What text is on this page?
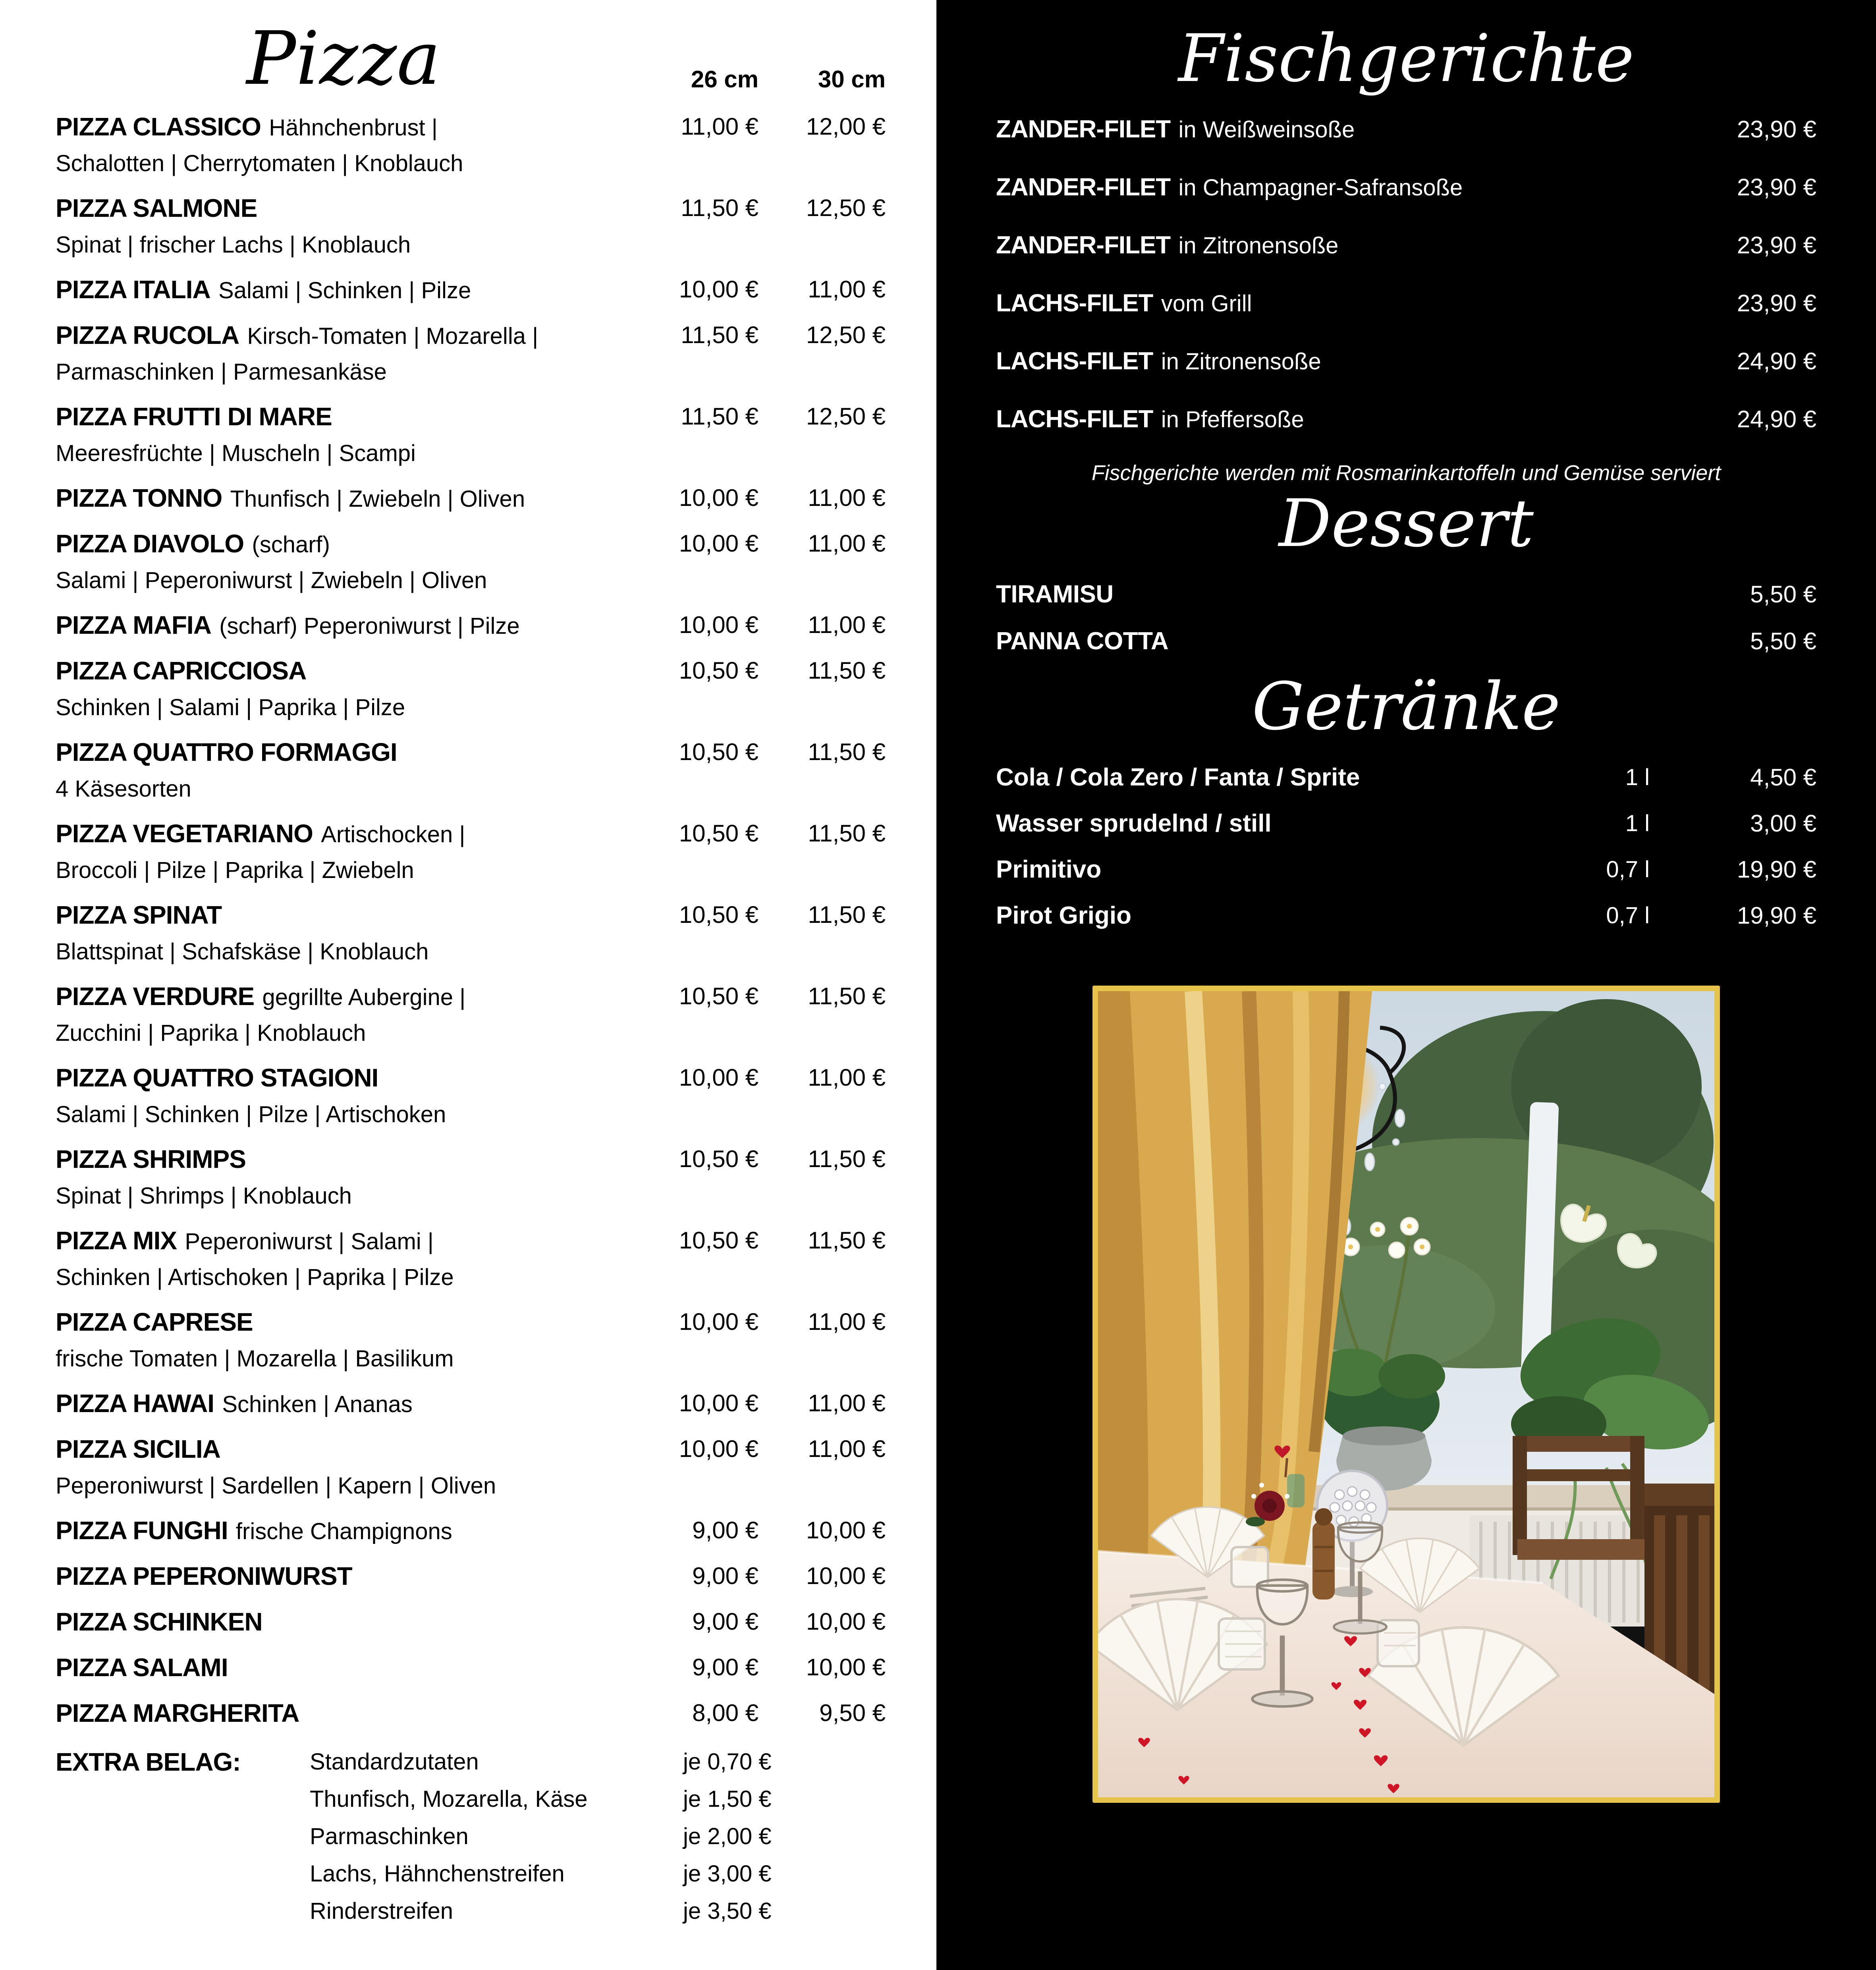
Pizza	26 cm	30 cm

PIZZA CLASSICO Hähnchenbrust |
Schalotten | Cherrytomaten | Knoblauch

11,00 €	12,00 €

PIZZA SALMONE
Spinat | frischer Lachs | Knoblauch

11,50 €	12,50 €

PIZZA ITALIA Salami | Schinken | Pilze	10,00 €	11,00 €

PIZZA RUCOLA Kirsch-Tomaten | Mozarella |
Parmaschinken | Parmesankäse

11,50 €	12,50 €

PIZZA FRUTTI DI MARE
Meeresfrüchte | Muscheln | Scampi

11,50 €	12,50 €

PIZZA TONNO Thunfisch | Zwiebeln | Oliven	10,00 €	11,00 €

PIZZA DIAVOLO (scharf)
Salami | Peperoniwurst | Zwiebeln | Oliven

10,00 €	11,00 €

PIZZA MAFIA (scharf) Peperoniwurst | Pilze	10,00 €	11,00 €

PIZZA CAPRICCIOSA
Schinken | Salami | Paprika | Pilze

10,50 €	11,50 €

PIZZA QUATTRO FORMAGGI
4 Käsesorten

10,50 €	11,50 €

PIZZA VEGETARIANO Artischocken |
Broccoli | Pilze | Paprika | Zwiebeln

10,50 €	11,50 €

PIZZA SPINAT
Blattspinat | Schafskäse | Knoblauch

10,50 €	11,50 €

PIZZA VERDURE gegrillte Aubergine |
Zucchini | Paprika | Knoblauch

10,50 €	11,50 €

PIZZA QUATTRO STAGIONI
Salami | Schinken | Pilze | Artischoken

10,00 €	11,00 €

PIZZA SHRIMPS
Spinat | Shrimps | Knoblauch

10,50 €	11,50 €

PIZZA MIX Peperoniwurst | Salami |
Schinken | Artischoken | Paprika | Pilze

10,50 €	11,50 €

PIZZA CAPRESE
frische Tomaten | Mozarella | Basilikum

10,00 €	11,00 €

PIZZA HAWAI Schinken | Ananas	10,00 €	11,00 €

PIZZA SICILIA
Peperoniwurst | Sardellen | Kapern | Oliven

10,00 €	11,00 €

PIZZA FUNGHI frische Champignons	9,00 €	10,00 €

PIZZA PEPERONIWURST	9,00 €	10,00 €

PIZZA SCHINKEN	9,00 €	10,00 €

PIZZA SALAMI	9,00 €	10,00 €

PIZZA MARGHERITA	8,00 €	9,50 €
EXTRA BELAG:	Standardzutaten	je 0,70 €
Thunfisch, Mozarella, Käse	je 1,50 €
Parmaschinken	je 2,00 €
Lachs, Hähnchenstreifen	je 3,00 €
Rinderstreifen	je 3,50 €
Fischgerichte

ZANDER-FILET in Weißweinsoße	23,90 €

ZANDER-FILET in Champagner-Safransoße	23,90 €

ZANDER-FILET in Zitronensoße	23,90 €

LACHS-FILET vom Grill	23,90 €

LACHS-FILET in Zitronensoße	24,90 €

LACHS-FILET in Pfeffersoße	24,90 €

Fischgerichte werden mit Rosmarinkartoffeln und Gemüse serviert

Dessert
TIRAMISU	5,50 €
PANNA COTTA	5,50 €
Getränke
Cola / Cola Zero / Fanta / Sprite	1 l	4,50 €
Wasser sprudelnd / still	1 l	3,00 €
Primitivo	0,7 l	19,90 €
Pirot Grigio	0,7 l	19,90 €
